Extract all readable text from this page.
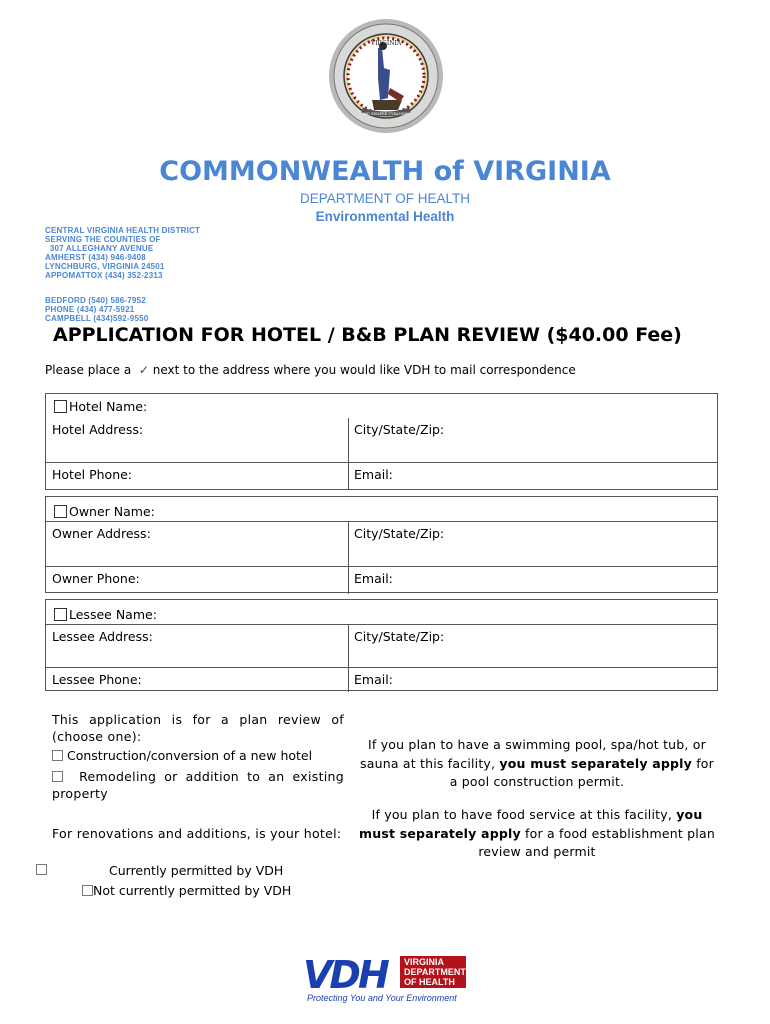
VIRGINIA
SIC SEMPER TYRANNIS
COMMONWEALTH of VIRGINIA
DEPARTMENT OF HEALTH
Environmental Health
CENTRAL VIRGINIA HEALTH DISTRICT
SERVING THE COUNTIES OF
307 ALLEGHANY AVENUE
AMHERST (434) 946-9408
LYNCHBURG, VIRGINIA 24501
APPOMATTOX (434) 352-2313
BEDFORD (540) 586-7952
PHONE (434) 477-5921
CAMPBELL (434)592-9550
APPLICATION FOR HOTEL / B&B PLAN REVIEW ($40.00 Fee)
Please place a ✓ next to the address where you would like VDH to mail correspondence
Hotel Name:
Hotel Address:	City/State/Zip:
Hotel Phone:	Email:
Owner Name:
Owner Address:	City/State/Zip:
Owner Phone:	Email:
Lessee Name:
Lessee Address:	City/State/Zip:
Lessee Phone:	Email:
This application is for a plan review of (choose one):
Construction/conversion of a new hotel
Remodeling or addition to an existing property
For renovations and additions, is your hotel:
Currently permitted by VDH
Not currently permitted by VDH
If you plan to have a swimming pool, spa/hot tub, or sauna at this facility, you must separately apply for a pool construction permit.
If you plan to have food service at this facility, you must separately apply for a food establishment plan review and permit
VDH VIRGINIA
DEPARTMENT
OF HEALTH
Protecting You and Your Environment
